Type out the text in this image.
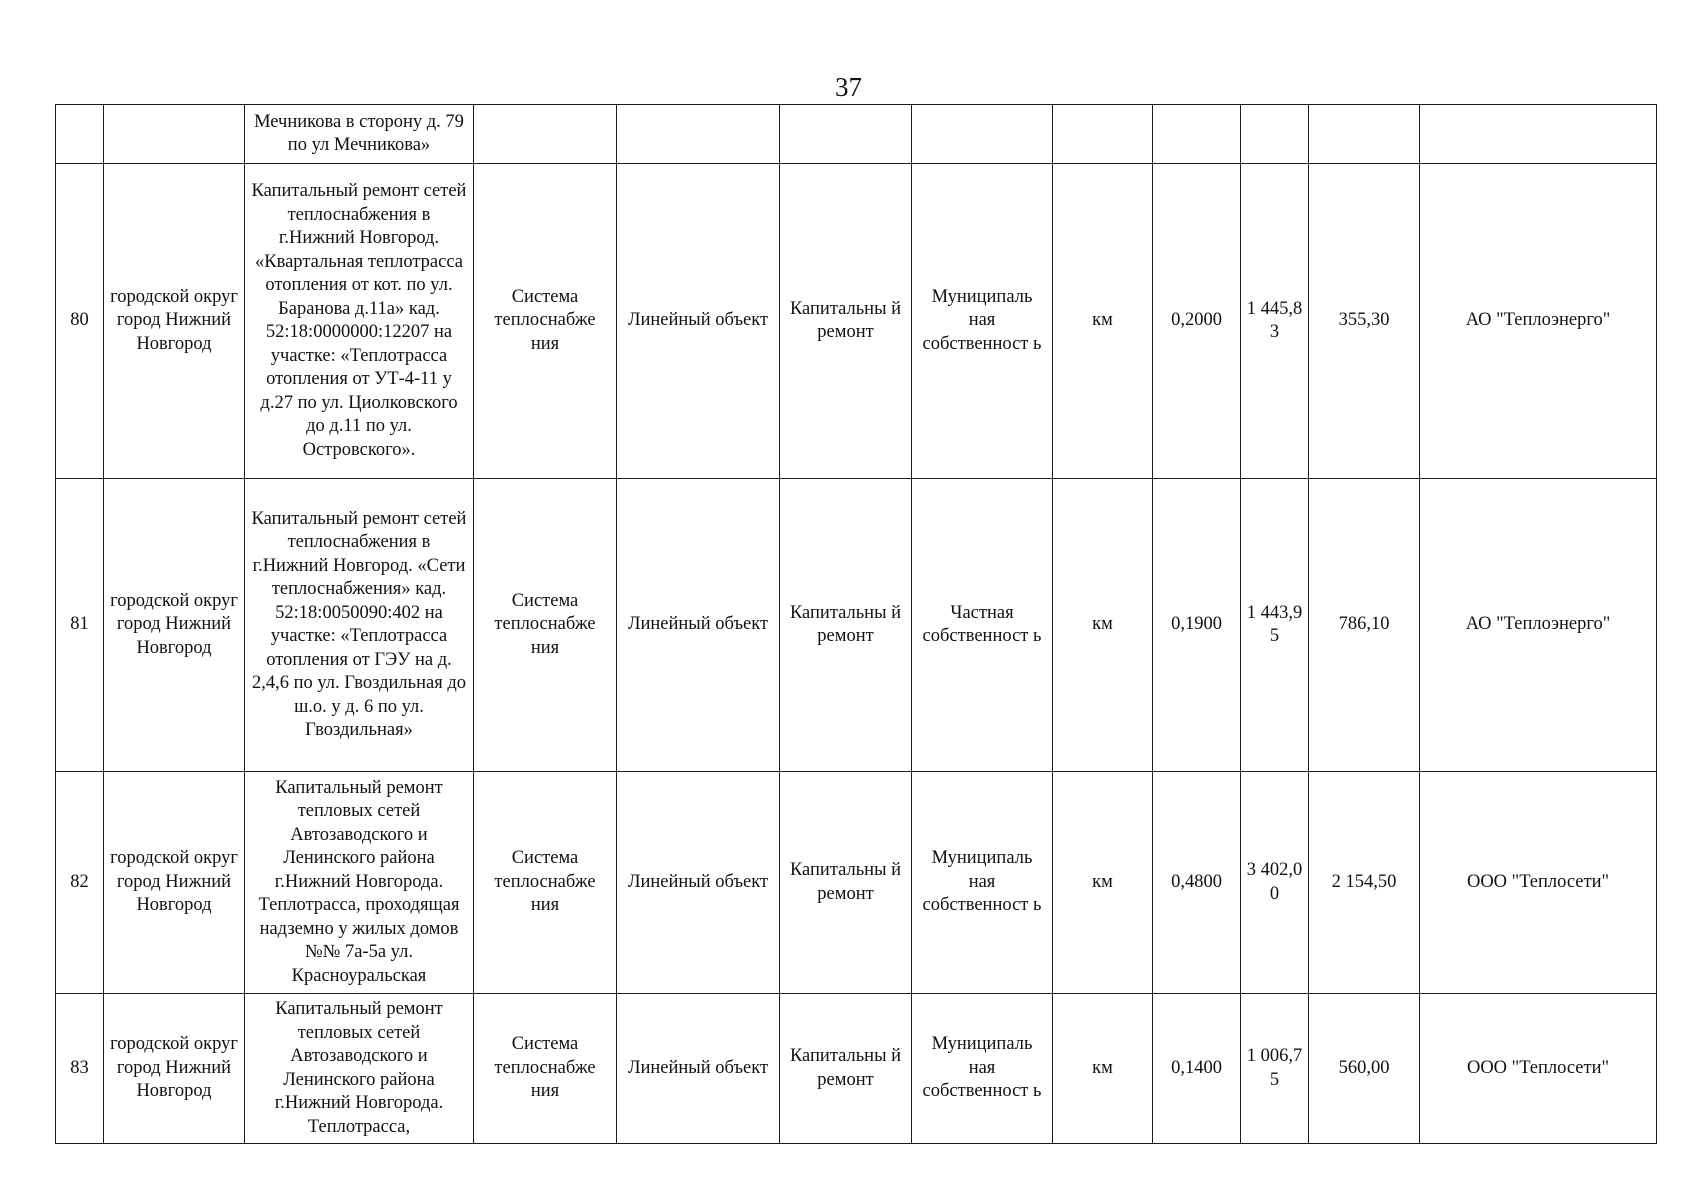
37
		Мечникова в сторону д. 79 по ул Мечникова»									
80	городской округ город Нижний Новгород	Капитальный ремонт сетей теплоснабжения в г.Нижний Новгород. «Квартальная теплотрасса отопления от кот. по ул. Баранова д.11а» кад. 52:18:0000000:12207 на участке: «Теплотрасса отопления от УТ-4-11 у д.27 по ул. Циолковского до д.11 по ул. Островского».	Система теплоснабже ния	Линейный объект	Капитальны й ремонт	Муниципаль ная собственност ь	км	0,2000	1 445,8 3	355,30	АО "Теплоэнерго"
81	городской округ город Нижний Новгород	Капитальный ремонт сетей теплоснабжения в г.Нижний Новгород. «Сети теплоснабжения» кад. 52:18:0050090:402 на участке: «Теплотрасса отопления от ГЭУ на д. 2,4,6 по ул. Гвоздильная до ш.о. у д. 6 по ул. Гвоздильная»	Система теплоснабже ния	Линейный объект	Капитальны й ремонт	Частная собственност ь	км	0,1900	1 443,9 5	786,10	АО "Теплоэнерго"
82	городской округ город Нижний Новгород	Капитальный ремонт тепловых сетей Автозаводского и Ленинского района г.Нижний Новгорода. Теплотрасса, проходящая надземно у жилых домов №№ 7а-5а ул. Красноуральская	Система теплоснабже ния	Линейный объект	Капитальны й ремонт	Муниципаль ная собственност ь	км	0,4800	3 402,0 0	2 154,50	ООО "Теплосети"
83	городской округ город Нижний Новгород	Капитальный ремонт тепловых сетей Автозаводского и Ленинского района г.Нижний Новгорода. Теплотрасса,	Система теплоснабже ния	Линейный объект	Капитальны й ремонт	Муниципаль ная собственност ь	км	0,1400	1 006,7 5	560,00	ООО "Теплосети"
